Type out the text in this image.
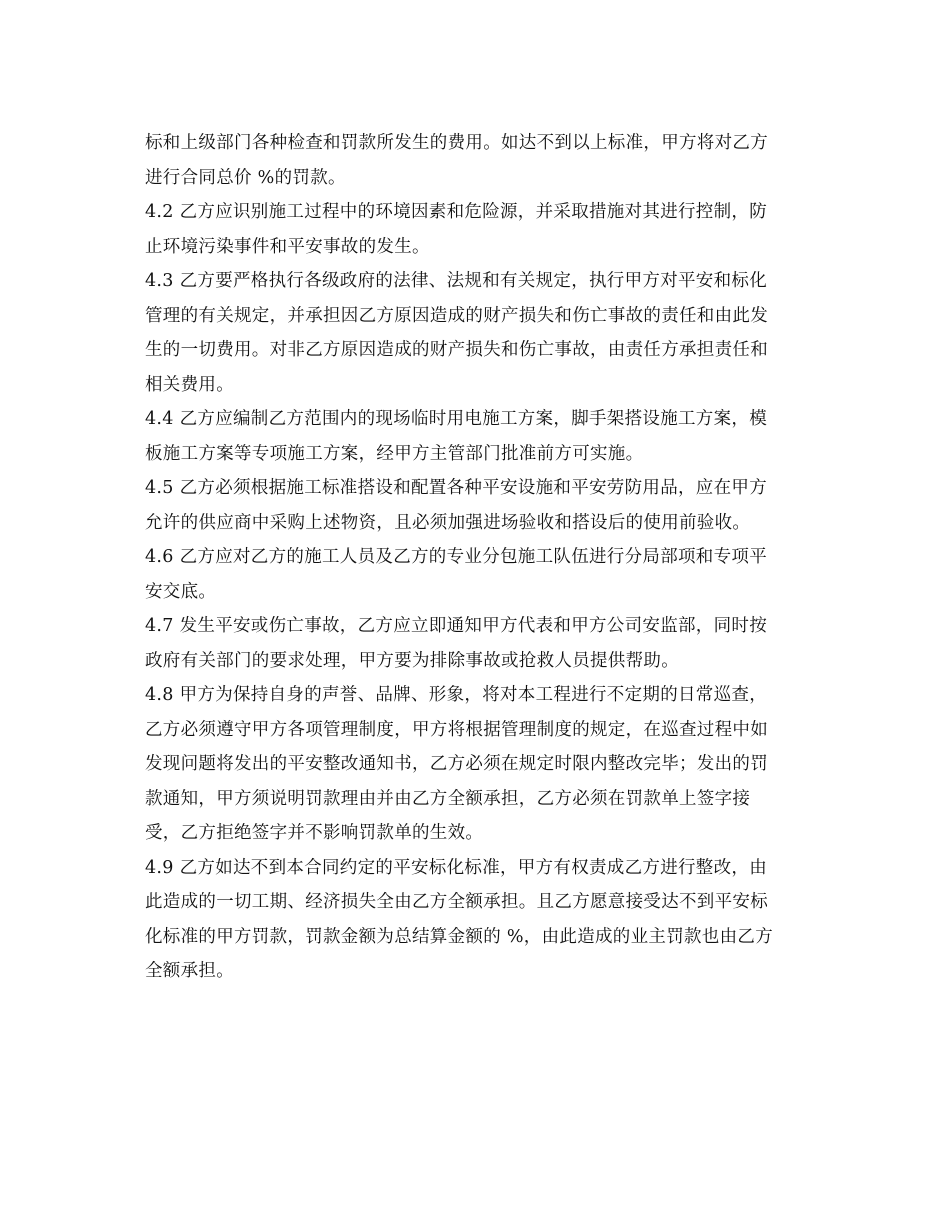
标和上级部门各种检查和罚款所发生的费用。如达不到以上标准，甲方将对乙方
进行合同总价 %的罚款。
4.2 乙方应识别施工过程中的环境因素和危险源，并采取措施对其进行控制，防
止环境污染事件和平安事故的发生。
4.3 乙方要严格执行各级政府的法律、法规和有关规定，执行甲方对平安和标化
管理的有关规定，并承担因乙方原因造成的财产损失和伤亡事故的责任和由此发
生的一切费用。对非乙方原因造成的财产损失和伤亡事故，由责任方承担责任和
相关费用。
4.4 乙方应编制乙方范围内的现场临时用电施工方案，脚手架搭设施工方案，模
板施工方案等专项施工方案，经甲方主管部门批准前方可实施。
4.5 乙方必须根据施工标准搭设和配置各种平安设施和平安劳防用品，应在甲方
允许的供应商中采购上述物资，且必须加强进场验收和搭设后的使用前验收。
4.6 乙方应对乙方的施工人员及乙方的专业分包施工队伍进行分局部项和专项平
安交底。
4.7 发生平安或伤亡事故，乙方应立即通知甲方代表和甲方公司安监部，同时按
政府有关部门的要求处理，甲方要为排除事故或抢救人员提供帮助。
4.8 甲方为保持自身的声誉、品牌、形象，将对本工程进行不定期的日常巡查，
乙方必须遵守甲方各项管理制度，甲方将根据管理制度的规定，在巡查过程中如
发现问题将发出的平安整改通知书，乙方必须在规定时限内整改完毕；发出的罚
款通知，甲方须说明罚款理由并由乙方全额承担，乙方必须在罚款单上签字接
受，乙方拒绝签字并不影响罚款单的生效。
4.9 乙方如达不到本合同约定的平安标化标准，甲方有权责成乙方进行整改，由
此造成的一切工期、经济损失全由乙方全额承担。且乙方愿意接受达不到平安标
化标准的甲方罚款，罚款金额为总结算金额的 %，由此造成的业主罚款也由乙方
全额承担。
